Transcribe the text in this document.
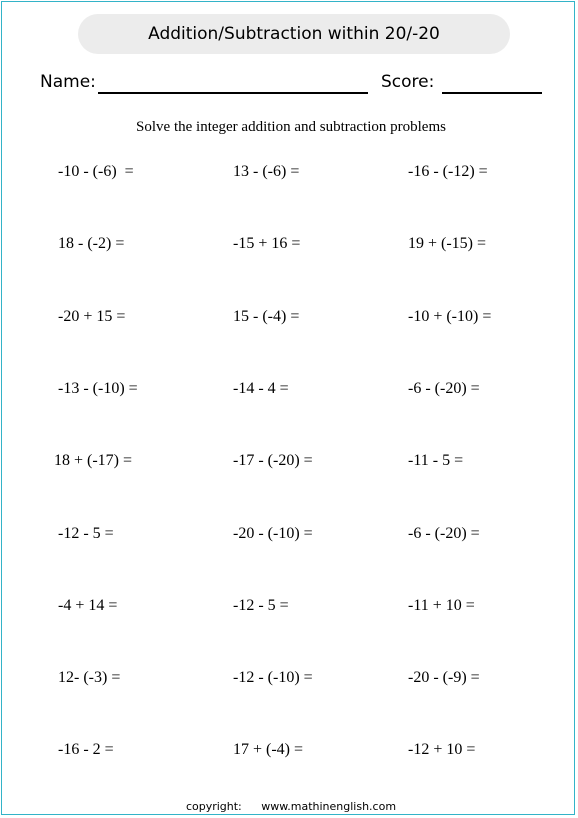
Addition/Subtraction within 20/-20
Name:	Score:
Solve the integer addition and subtraction problems
-10 - (-6)  =	13 - (-6) =	-16 - (-12) =
18 - (-2) =	-15 + 16 =	19 + (-15) =
-20 + 15 =	15 - (-4) =	-10 + (-10) =
-13 - (-10) =	-14 - 4 =	-6 - (-20) =
18 + (-17) =	-17 - (-20) =	-11 - 5 =
-12 - 5 =	-20 - (-10) =	-6 - (-20) =
-4 + 14 =	-12 - 5 =	-11 + 10 =
12- (-3) =	-12 - (-10) =	-20 - (-9) =
-16 - 2 =	17 + (-4) =	-12 + 10 =
copyright: www.mathinenglish.com
